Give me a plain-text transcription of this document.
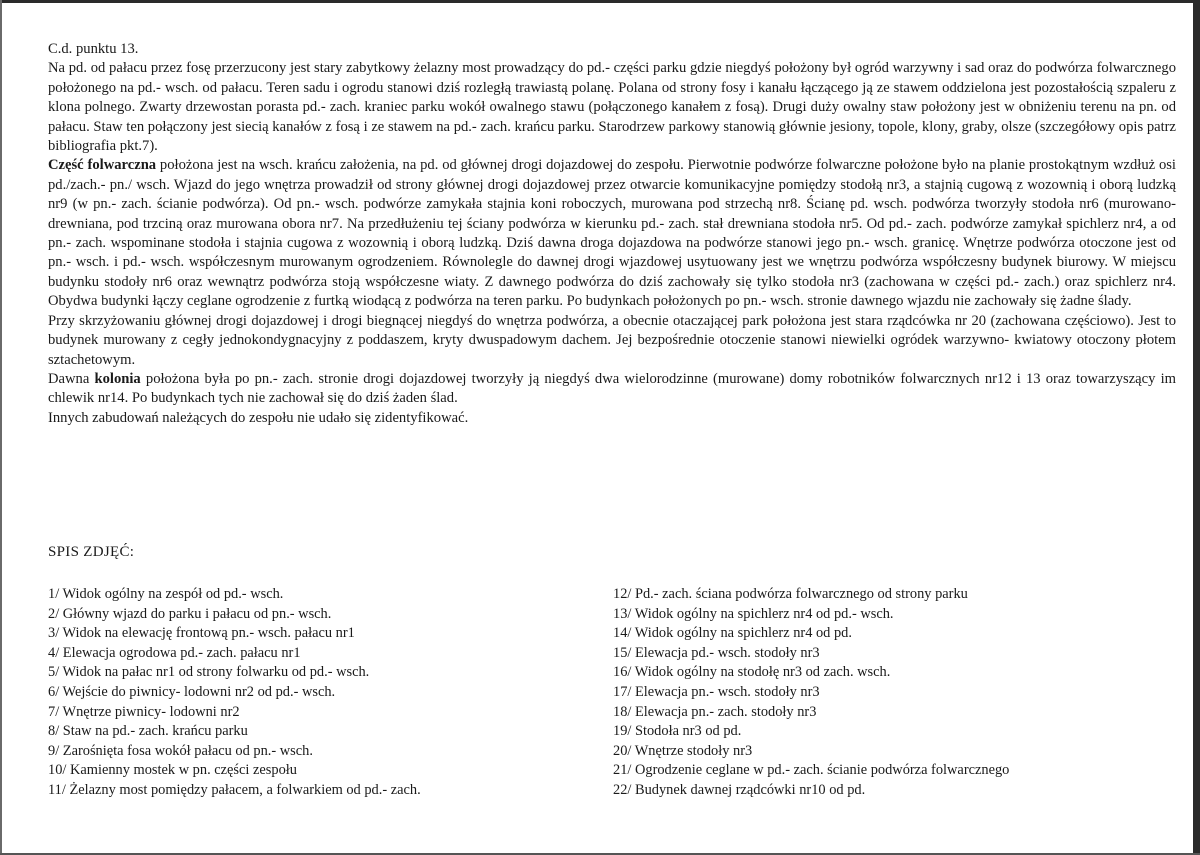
C.d. punktu 13.

Na pd. od pałacu przez fosę przerzucony jest stary zabytkowy żelazny most prowadzący do pd.- części parku gdzie niegdyś położony był ogród warzywny i sad oraz do podwórza folwarcznego położonego na pd.- wsch. od pałacu. Teren sadu i ogrodu stanowi dziś rozległą trawiastą polanę. Polana od strony fosy i kanału łączącego ją ze stawem oddzielona jest pozostałością szpaleru z klona polnego. Zwarty drzewostan porasta pd.- zach. kraniec parku wokół owalnego stawu (połączonego kanałem z fosą). Drugi duży owalny staw położony jest w obniżeniu terenu na pn. od pałacu. Staw ten połączony jest siecią kanałów z fosą i ze stawem na pd.- zach. krańcu parku. Starodrzew parkowy stanowią głównie jesiony, topole, klony, graby, olsze (szczegółowy opis patrz bibliografia pkt.7).

Część folwarczna położona jest na wsch. krańcu założenia, na pd. od głównej drogi dojazdowej do zespołu. Pierwotnie podwórze folwarczne położone było na planie prostokątnym wzdłuż osi pd./zach.- pn./ wsch. Wjazd do jego wnętrza prowadził od strony głównej drogi dojazdowej przez otwarcie komunikacyjne pomiędzy stodołą nr3, a stajnią cugową z wozownią i oborą ludzką nr9 (w pn.- zach. ścianie podwórza). Od pn.- wsch. podwórze zamykała stajnia koni roboczych, murowana pod strzechą nr8. Ścianę pd. wsch. podwórza tworzyły stodoła nr6 (murowano- drewniana, pod trzciną oraz murowana obora nr7. Na przedłużeniu tej ściany podwórza w kierunku pd.- zach. stał drewniana stodoła nr5. Od pd.- zach. podwórze zamykał spichlerz nr4, a od pn.- zach. wspominane stodoła i stajnia cugowa z wozownią i oborą ludzką. Dziś dawna droga dojazdowa na podwórze stanowi jego pn.- wsch. granicę. Wnętrze podwórza otoczone jest od pn.- wsch. i pd.- wsch. współczesnym murowanym ogrodzeniem. Równolegle do dawnej drogi wjazdowej usytuowany jest we wnętrzu podwórza współczesny budynek biurowy. W miejscu budynku stodoły nr6 oraz wewnątrz podwórza stoją współczesne wiaty. Z dawnego podwórza do dziś zachowały się tylko stodoła nr3 (zachowana w części pd.- zach.) oraz spichlerz nr4. Obydwa budynki łączy ceglane ogrodzenie z furtką wiodącą z podwórza na teren parku. Po budynkach położonych po pn.- wsch. stronie dawnego wjazdu nie zachowały się żadne ślady.

Przy skrzyżowaniu głównej drogi dojazdowej i drogi biegnącej niegdyś do wnętrza podwórza, a obecnie otaczającej park położona jest stara rządcówka nr 20 (zachowana częściowo). Jest to budynek murowany z cegły jednokondygnacyjny z poddaszem, kryty dwuspadowym dachem. Jej bezpośrednie otoczenie stanowi niewielki ogródek warzywno- kwiatowy otoczony płotem sztachetowym.

Dawna kolonia położona była po pn.- zach. stronie drogi dojazdowej tworzyły ją niegdyś dwa wielorodzinne (murowane) domy robotników folwarcznych nr12 i 13 oraz towarzyszący im chlewik nr14. Po budynkach tych nie zachował się do dziś żaden ślad.

Innych zabudowań należących do zespołu nie udało się zidentyfikować.

SPIS ZDJĘĆ:
1/ Widok ogólny na zespół od pd.- wsch.
2/ Główny wjazd do parku i pałacu od pn.- wsch.
3/ Widok na elewację frontową pn.- wsch. pałacu nr1
4/ Elewacja ogrodowa pd.- zach. pałacu nr1
5/ Widok na pałac nr1 od strony folwarku od pd.- wsch.
6/ Wejście do piwnicy- lodowni nr2 od pd.- wsch.
7/ Wnętrze piwnicy- lodowni nr2
8/ Staw na pd.- zach. krańcu parku
9/ Zarośnięta fosa wokół pałacu od pn.- wsch.
10/ Kamienny mostek w pn. części zespołu
11/ Żelazny most pomiędzy pałacem, a folwarkiem od pd.- zach.
12/ Pd.- zach. ściana podwórza folwarcznego od strony parku
13/ Widok ogólny na spichlerz nr4 od pd.- wsch.
14/ Widok ogólny na spichlerz nr4 od pd.
15/ Elewacja pd.- wsch. stodoły nr3
16/ Widok ogólny na stodołę nr3 od zach. wsch.
17/ Elewacja pn.- wsch. stodoły nr3
18/ Elewacja pn.- zach. stodoły nr3
19/ Stodoła nr3 od pd.
20/ Wnętrze stodoły nr3
21/ Ogrodzenie ceglane w pd.- zach. ścianie podwórza folwarcznego
22/ Budynek dawnej rządcówki nr10 od pd.
